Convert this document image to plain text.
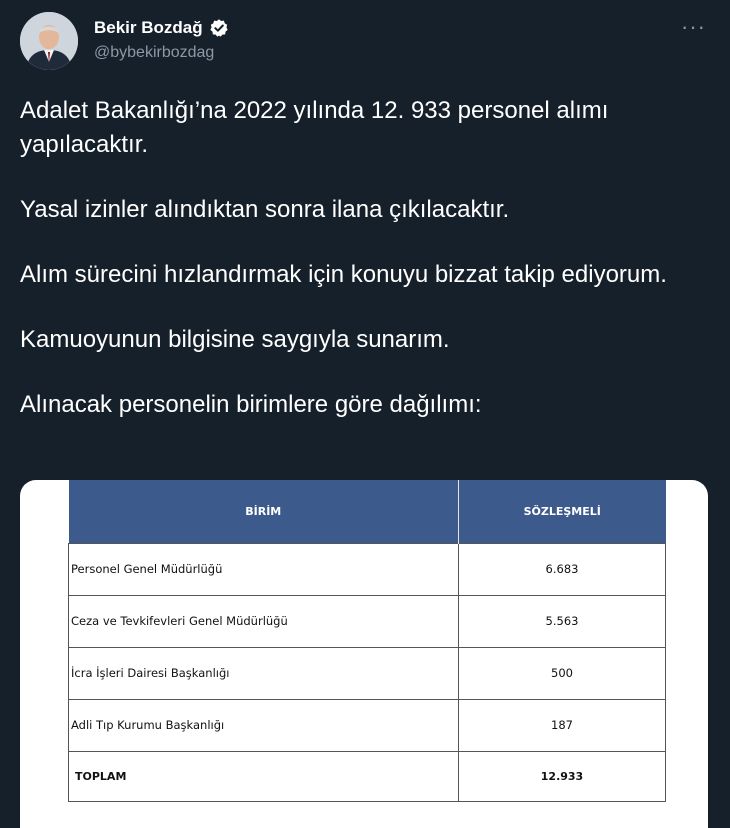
Bekir Bozdağ
@bybekirbozdag
···

Adalet Bakanlığı’na 2022 yılında 12. 933 personel alımı yapılacaktır.

Yasal izinler alındıktan sonra ilana çıkılacaktır.

Alım sürecini hızlandırmak için konuyu bizzat takip ediyorum.

Kamuoyunun bilgisine saygıyla sunarım.

Alınacak personelin birimlere göre dağılımı:

BİRİM	SÖZLEŞMELİ
Personel Genel Müdürlüğü	6.683
Ceza ve Tevkifevleri Genel Müdürlüğü	5.563
İcra İşleri Dairesi Başkanlığı	500
Adli Tıp Kurumu Başkanlığı	187
TOPLAM	12.933
